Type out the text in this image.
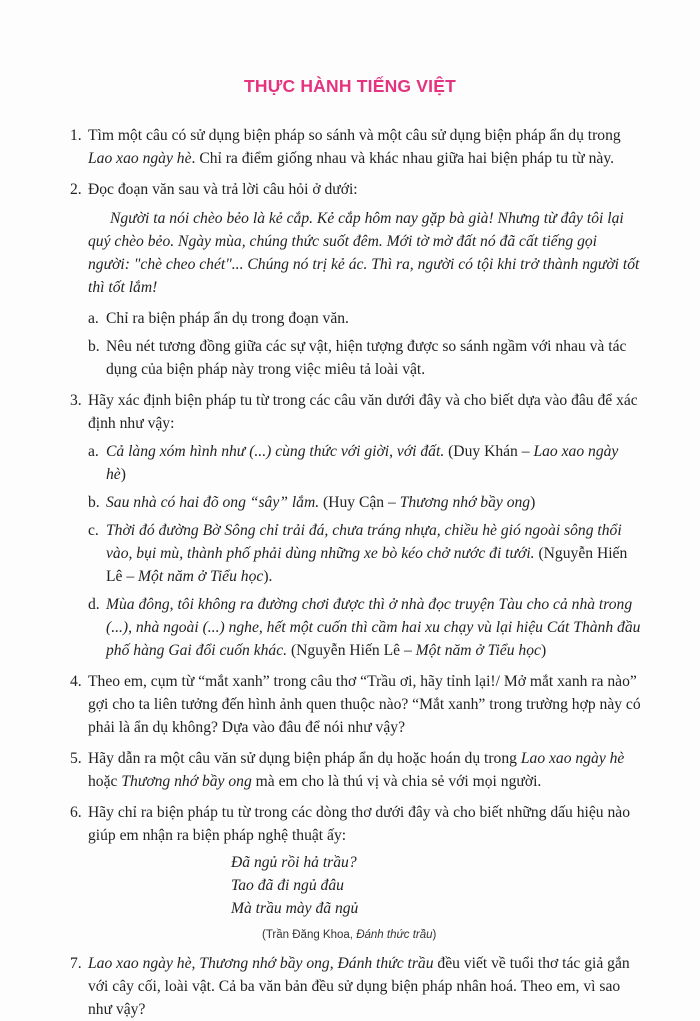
THỰC HÀNH TIẾNG VIỆT
1. Tìm một câu có sử dụng biện pháp so sánh và một câu sử dụng biện pháp ẩn dụ trong Lao xao ngày hè. Chỉ ra điểm giống nhau và khác nhau giữa hai biện pháp tu từ này.
2. Đọc đoạn văn sau và trả lời câu hỏi ở dưới:
Người ta nói chèo bẻo là kẻ cắp. Kẻ cắp hôm nay gặp bà già! Nhưng từ đây tôi lại quý chèo bẻo. Ngày mùa, chúng thức suốt đêm. Mới tờ mờ đất nó đã cất tiếng gọi người: "chè cheo chét"... Chúng nó trị kẻ ác. Thì ra, người có tội khi trở thành người tốt thì tốt lắm!
a. Chỉ ra biện pháp ẩn dụ trong đoạn văn.
b. Nêu nét tương đồng giữa các sự vật, hiện tượng được so sánh ngầm với nhau và tác dụng của biện pháp này trong việc miêu tả loài vật.
3. Hãy xác định biện pháp tu từ trong các câu văn dưới đây và cho biết dựa vào đâu để xác định như vậy:
a. Cả làng xóm hình như (...) cùng thức với giời, với đất. (Duy Khán – Lao xao ngày hè)
b. Sau nhà có hai đõ ong “sây” lắm. (Huy Cận – Thương nhớ bầy ong)
c. Thời đó đường Bờ Sông chỉ trải đá, chưa tráng nhựa, chiều hè gió ngoài sông thổi vào, bụi mù, thành phố phải dùng những xe bò kéo chở nước đi tưới. (Nguyễn Hiến Lê – Một năm ở Tiểu học).
d. Mùa đông, tôi không ra đường chơi được thì ở nhà đọc truyện Tàu cho cả nhà trong (...), nhà ngoài (...) nghe, hết một cuốn thì cầm hai xu chạy vù lại hiệu Cát Thành đầu phố hàng Gai đổi cuốn khác. (Nguyễn Hiến Lê – Một năm ở Tiểu học)
4. Theo em, cụm từ “mắt xanh” trong câu thơ “Trầu ơi, hãy tỉnh lại!/ Mở mắt xanh ra nào” gợi cho ta liên tưởng đến hình ảnh quen thuộc nào? “Mắt xanh” trong trường hợp này có phải là ẩn dụ không? Dựa vào đâu để nói như vậy?
5. Hãy dẫn ra một câu văn sử dụng biện pháp ẩn dụ hoặc hoán dụ trong Lao xao ngày hè hoặc Thương nhớ bầy ong mà em cho là thú vị và chia sẻ với mọi người.
6. Hãy chỉ ra biện pháp tu từ trong các dòng thơ dưới đây và cho biết những dấu hiệu nào giúp em nhận ra biện pháp nghệ thuật ấy:
Đã ngủ rồi hả trầu?
Tao đã đi ngủ đâu
Mà trầu mày đã ngủ
(Trần Đăng Khoa, Đánh thức trầu)
7. Lao xao ngày hè, Thương nhớ bầy ong, Đánh thức trầu đều viết về tuổi thơ tác giả gắn với cây cối, loài vật. Cả ba văn bản đều sử dụng biện pháp nhân hoá. Theo em, vì sao như vậy?
